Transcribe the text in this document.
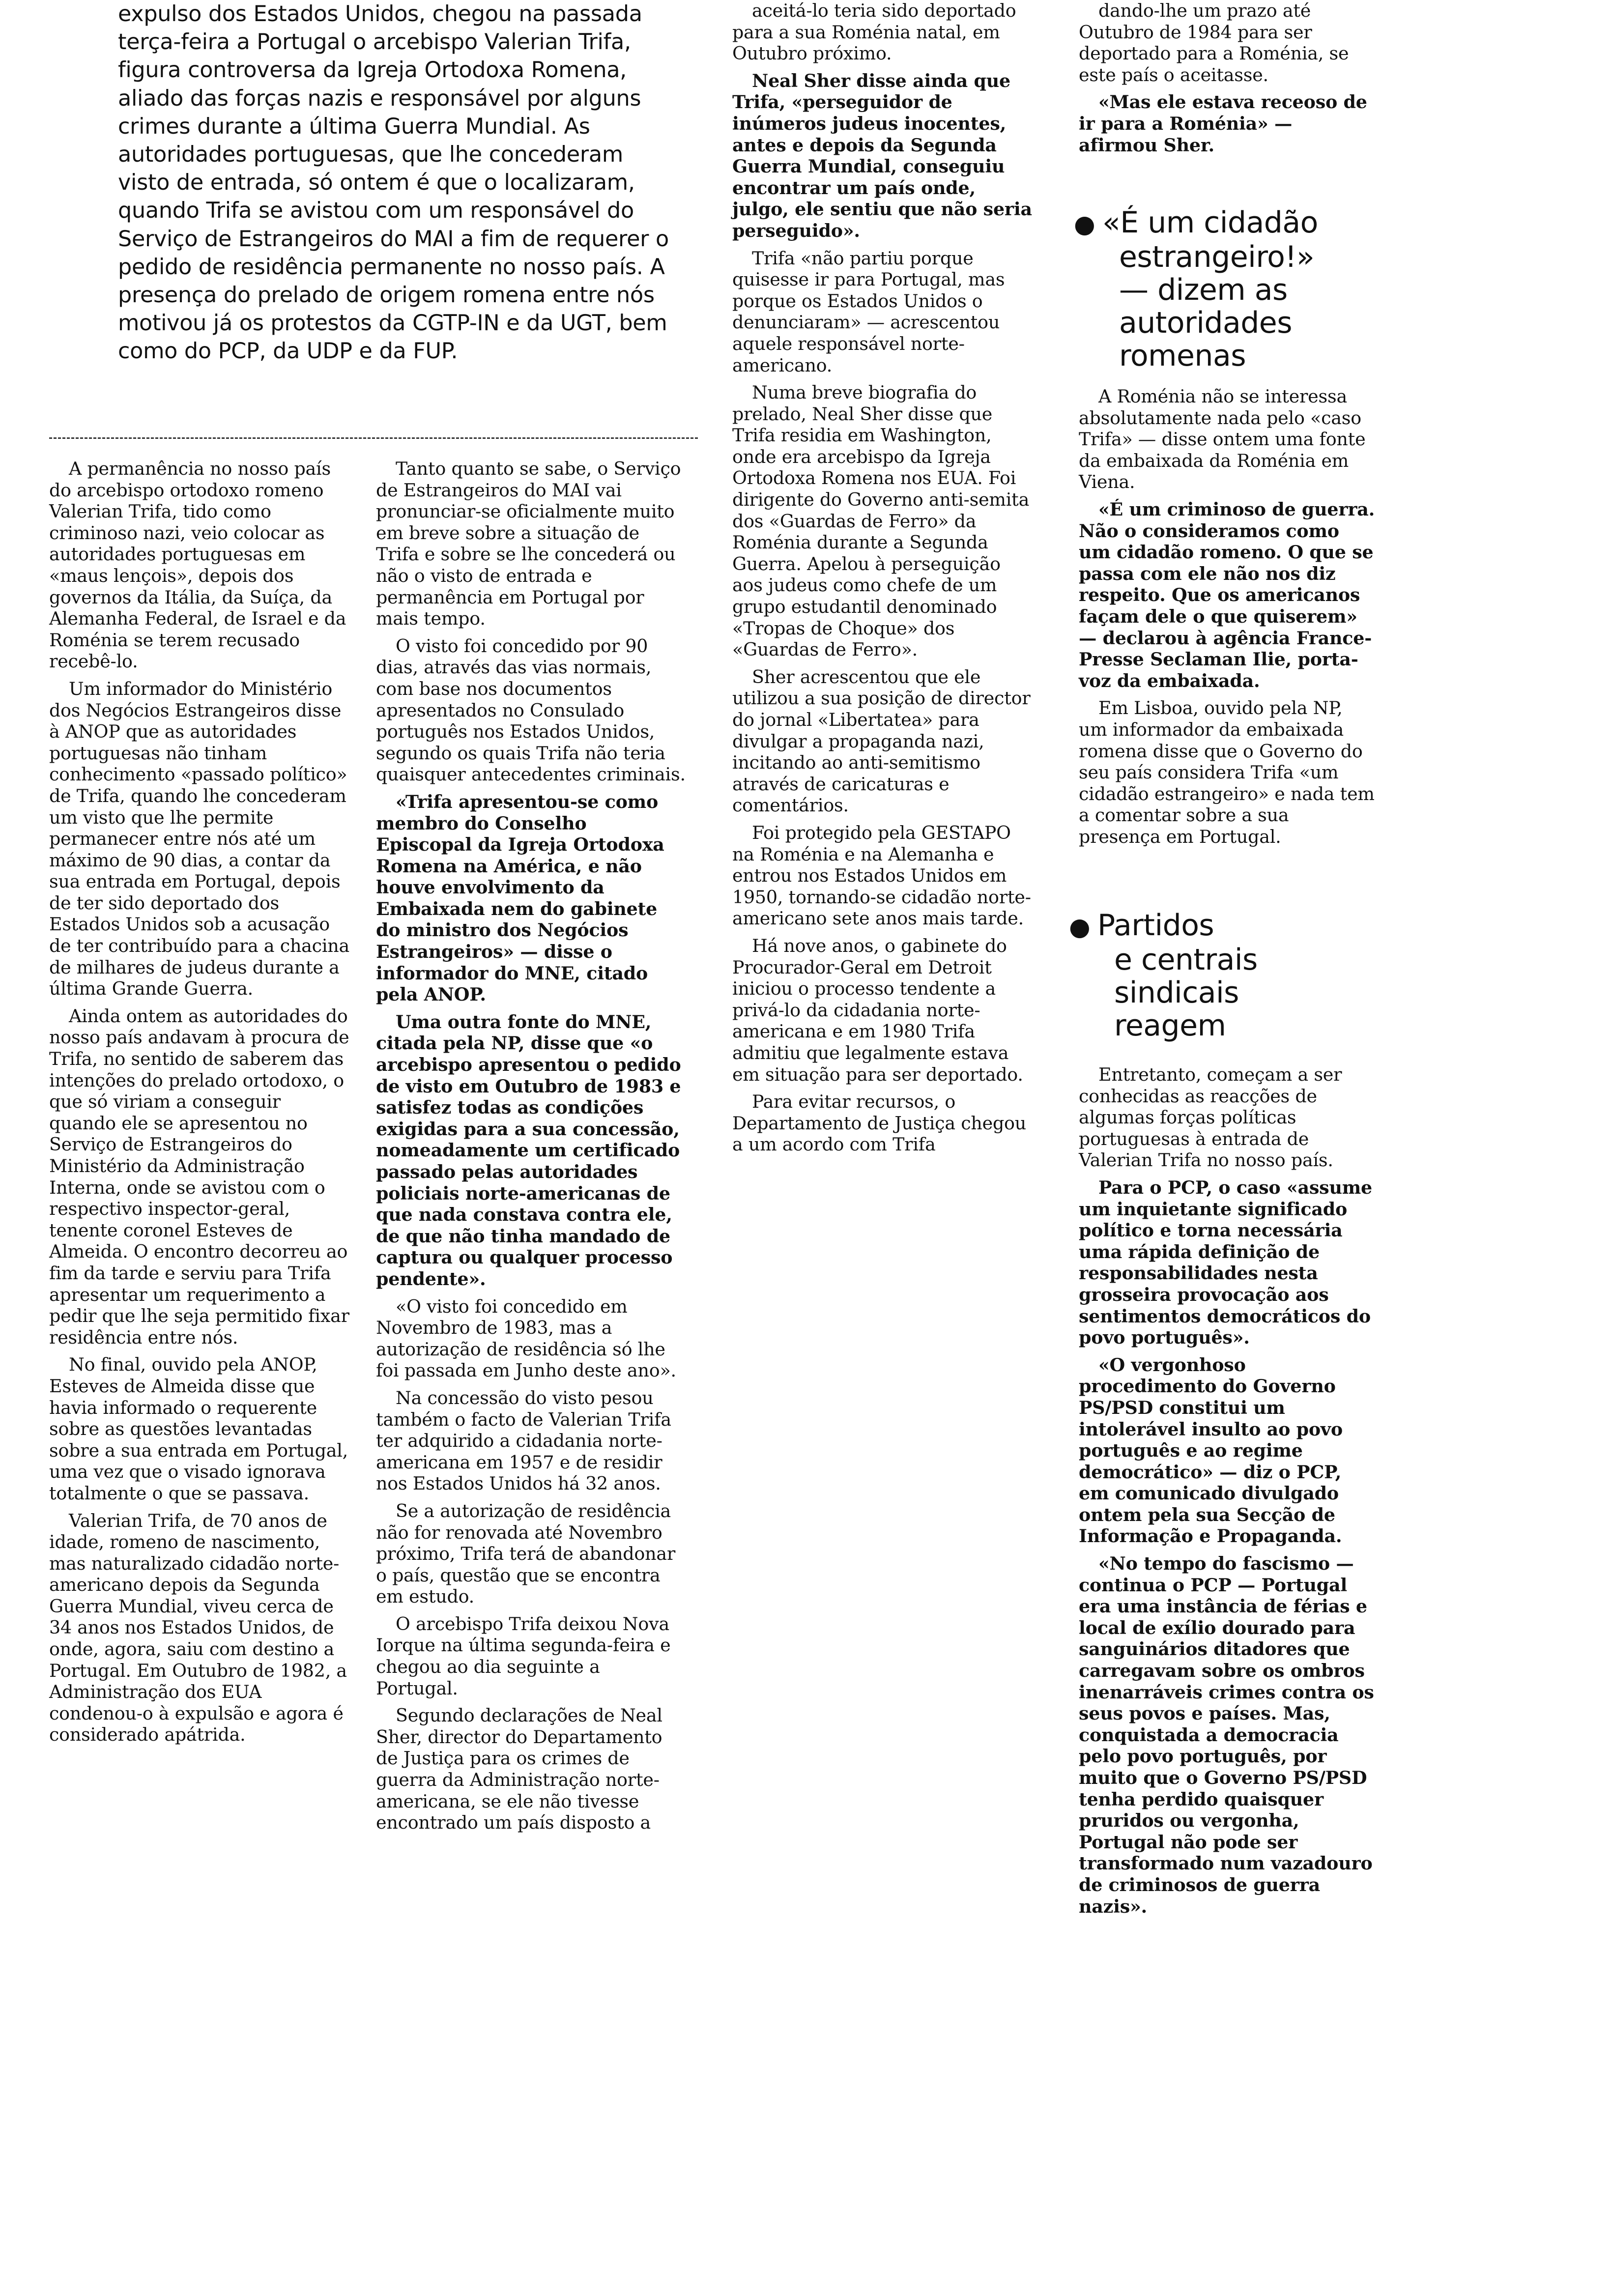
expulso dos Estados Unidos, chegou na passada terça-feira a Portugal o arcebispo Valerian Trifa, figura controversa da Igreja Ortodoxa Romena, aliado das forças nazis e responsável por alguns crimes durante a última Guerra Mundial. As autoridades portuguesas, que lhe concederam visto de entrada, só ontem é que o localizaram, quando Trifa se avistou com um responsável do Serviço de Estrangeiros do MAI a fim de requerer o pedido de residência permanente no nosso país. A presença do prelado de origem romena entre nós motivou já os protestos da CGTP-IN e da UGT, bem como do PCP, da UDP e da FUP.

A permanência no nosso país do arcebispo ortodoxo romeno Valerian Trifa, tido como criminoso nazi, veio colocar as autoridades portuguesas em «maus lençois», depois dos governos da Itália, da Suíça, da Alemanha Federal, de Israel e da Roménia se terem recusado recebê-lo.

Um informador do Ministério dos Negócios Estrangeiros disse à ANOP que as autoridades portuguesas não tinham conhecimento «passado político» de Trifa, quando lhe concederam um visto que lhe permite permanecer entre nós até um máximo de 90 dias, a contar da sua entrada em Portugal, depois de ter sido deportado dos Estados Unidos sob a acusação de ter contribuído para a chacina de milhares de judeus durante a última Grande Guerra.

Ainda ontem as autoridades do nosso país andavam à procura de Trifa, no sentido de saberem das intenções do prelado ortodoxo, o que só viriam a conseguir quando ele se apresentou no Serviço de Estrangeiros do Ministério da Administração Interna, onde se avistou com o respectivo inspector-geral, tenente coronel Esteves de Almeida. O encontro decorreu ao fim da tarde e serviu para Trifa apresentar um requerimento a pedir que lhe seja permitido fixar residência entre nós.

No final, ouvido pela ANOP, Esteves de Almeida disse que havia informado o requerente sobre as questões levantadas sobre a sua entrada em Portugal, uma vez que o visado ignorava totalmente o que se passava.

Valerian Trifa, de 70 anos de idade, romeno de nascimento, mas naturalizado cidadão norte-americano depois da Segunda Guerra Mundial, viveu cerca de 34 anos nos Estados Unidos, de onde, agora, saiu com destino a Portugal. Em Outubro de 1982, a Administração dos EUA condenou-o à expulsão e agora é considerado apátrida.

Tanto quanto se sabe, o Serviço de Estrangeiros do MAI vai pronunciar-se oficialmente muito em breve sobre a situação de Trifa e sobre se lhe concederá ou não o visto de entrada e permanência em Portugal por mais tempo.

O visto foi concedido por 90 dias, através das vias normais, com base nos documentos apresentados no Consulado português nos Estados Unidos, segundo os quais Trifa não teria quaisquer antecedentes criminais.

«Trifa apresentou-se como membro do Conselho Episcopal da Igreja Ortodoxa Romena na América, e não houve envolvimento da Embaixada nem do gabinete do ministro dos Negócios Estrangeiros» — disse o informador do MNE, citado pela ANOP.

Uma outra fonte do MNE, citada pela NP, disse que «o arcebispo apresentou o pedido de visto em Outubro de 1983 e satisfez todas as condições exigidas para a sua concessão, nomeadamente um certificado passado pelas autoridades policiais norte-americanas de que nada constava contra ele, de que não tinha mandado de captura ou qualquer processo pendente».

«O visto foi concedido em Novembro de 1983, mas a autorização de residência só lhe foi passada em Junho deste ano».

Na concessão do visto pesou também o facto de Valerian Trifa ter adquirido a cidadania norte-americana em 1957 e de residir nos Estados Unidos há 32 anos.

Se a autorização de residência não for renovada até Novembro próximo, Trifa terá de abandonar o país, questão que se encontra em estudo.

O arcebispo Trifa deixou Nova Iorque na última segunda-feira e chegou ao dia seguinte a Portugal.

Segundo declarações de Neal Sher, director do Departamento de Justiça para os crimes de guerra da Administração norte-americana, se ele não tivesse encontrado um país disposto a

aceitá-lo teria sido deportado para a sua Roménia natal, em Outubro próximo.

Neal Sher disse ainda que Trifa, «perseguidor de inúmeros judeus inocentes, antes e depois da Segunda Guerra Mundial, conseguiu encontrar um país onde, julgo, ele sentiu que não seria perseguido».

Trifa «não partiu porque quisesse ir para Portugal, mas porque os Estados Unidos o denunciaram» — acrescentou aquele responsável norte-americano.

Numa breve biografia do prelado, Neal Sher disse que Trifa residia em Washington, onde era arcebispo da Igreja Ortodoxa Romena nos EUA. Foi dirigente do Governo anti-semita dos «Guardas de Ferro» da Roménia durante a Segunda Guerra. Apelou à perseguição aos judeus como chefe de um grupo estudantil denominado «Tropas de Choque» dos «Guardas de Ferro».

Sher acrescentou que ele utilizou a sua posição de director do jornal «Libertatea» para divulgar a propaganda nazi, incitando ao anti-semitismo através de caricaturas e comentários.

Foi protegido pela GESTAPO na Roménia e na Alemanha e entrou nos Estados Unidos em 1950, tornando-se cidadão norte-americano sete anos mais tarde.

Há nove anos, o gabinete do Procurador-Geral em Detroit iniciou o processo tendente a privá-lo da cidadania norte-americana e em 1980 Trifa admitiu que legalmente estava em situação para ser deportado.

Para evitar recursos, o Departamento de Justiça chegou a um acordo com Trifa

dando-lhe um prazo até Outubro de 1984 para ser deportado para a Roménia, se este país o aceitasse.

«Mas ele estava receoso de ir para a Roménia» — afirmou Sher.

● «É um cidadão
estrangeiro!»
— dizem as
autoridades
romenas

A Roménia não se interessa absolutamente nada pelo «caso Trifa» — disse ontem uma fonte da embaixada da Roménia em Viena.

«É um criminoso de guerra. Não o consideramos como um cidadão romeno. O que se passa com ele não nos diz respeito. Que os americanos façam dele o que quiserem» — declarou à agência France-Presse Seclaman Ilie, porta-voz da embaixada.

Em Lisboa, ouvido pela NP, um informador da embaixada romena disse que o Governo do seu país considera Trifa «um cidadão estrangeiro» e nada tem a comentar sobre a sua presença em Portugal.

● Partidos
e centrais
sindicais
reagem

Entretanto, começam a ser conhecidas as reacções de algumas forças políticas portuguesas à entrada de Valerian Trifa no nosso país.

Para o PCP, o caso «assume um inquietante significado político e torna necessária uma rápida definição de responsabilidades nesta grosseira provocação aos sentimentos democráticos do povo português».

«O vergonhoso procedimento do Governo PS/PSD constitui um intolerável insulto ao povo português e ao regime democrático» — diz o PCP, em comunicado divulgado ontem pela sua Secção de Informação e Propaganda.

«No tempo do fascismo — continua o PCP — Portugal era uma instância de férias e local de exílio dourado para sanguinários ditadores que carregavam sobre os ombros inenarráveis crimes contra os seus povos e países. Mas, conquistada a democracia pelo povo português, por muito que o Governo PS/PSD tenha perdido quaisquer pruridos ou vergonha, Portugal não pode ser transformado num vazadouro de criminosos de guerra nazis».
